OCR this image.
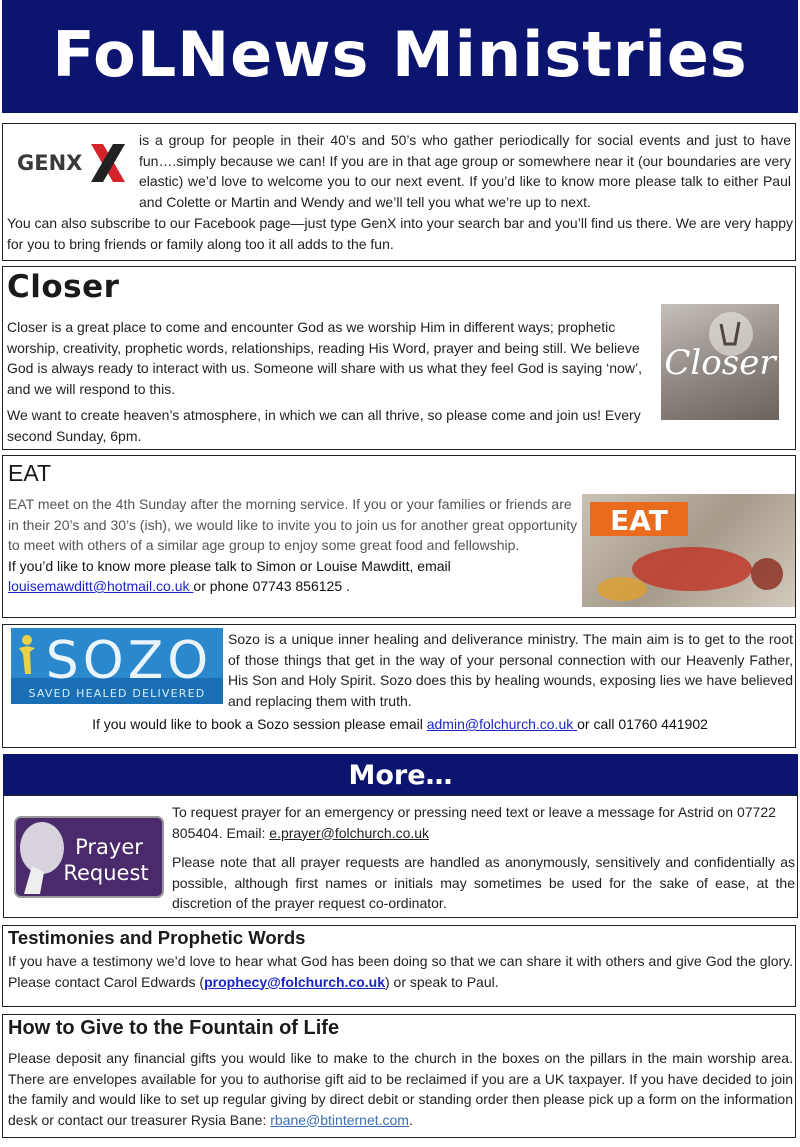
FoLNews Ministries
GENX

is a group for people in their 40’s and 50’s who gather periodically for social events and just to have fun….simply because we can! If you are in that age group or somewhere near it (our boundaries are very elastic) we’d love to welcome you to our next event. If you’d like to know more please talk to either Paul and Colette or Martin and Wendy and we’ll tell you what we’re up to next.

You can also subscribe to our Facebook page—just type GenX into your search bar and you’ll find us there. We are very happy for you to bring friends or family along too it all adds to the fun.

Closer

Closer is a great place to come and encounter God as we worship Him in different ways; prophetic worship, creativity, prophetic words, relationships, reading His Word, prayer and being still. We believe God is always ready to interact with us. Someone will share with us what they feel God is saying ‘now’, and we will respond to this.

We want to create heaven’s atmosphere, in which we can all thrive, so please come and join us! Every second Sunday, 6pm.

Closer
EAT

EAT meet on the 4th Sunday after the morning service. If you or your families or friends are in their 20’s and 30’s (ish), we would like to invite you to join us for another great opportunity to meet with others of a similar age group to enjoy some great food and fellowship.

If you’d like to know more please talk to Simon or Louise Mawditt, email
louisemawditt@hotmail.co.uk or phone 07743 856125 .

EAT
SOZO
SAVED HEALED DELIVERED

Sozo is a unique inner healing and deliverance ministry. The main aim is to get to the root of those things that get in the way of your personal connection with our Heavenly Father, His Son and Holy Spirit. Sozo does this by healing wounds, exposing lies we have believed and replacing them with truth.

If you would like to book a Sozo session please email admin@folchurch.co.uk or call 01760 441902

More…
Prayer
Request

To request prayer for an emergency or pressing need text or leave a message for Astrid on 07722 805404. Email: e.prayer@folchurch.co.uk

Please note that all prayer requests are handled as anonymously, sensitively and confidentially as possible, although first names or initials may sometimes be used for the sake of ease, at the discretion of the prayer request co-ordinator.

Testimonies and Prophetic Words

If you have a testimony we’d love to hear what God has been doing so that we can share it with others and give God the glory. Please contact Carol Edwards (prophecy@folchurch.co.uk) or speak to Paul.

How to Give to the Fountain of Life

Please deposit any financial gifts you would like to make to the church in the boxes on the pillars in the main worship area. There are envelopes available for you to authorise gift aid to be reclaimed if you are a UK taxpayer. If you have decided to join the family and would like to set up regular giving by direct debit or standing order then please pick up a form on the information desk or contact our treasurer Rysia Bane: rbane@btinternet.com.
